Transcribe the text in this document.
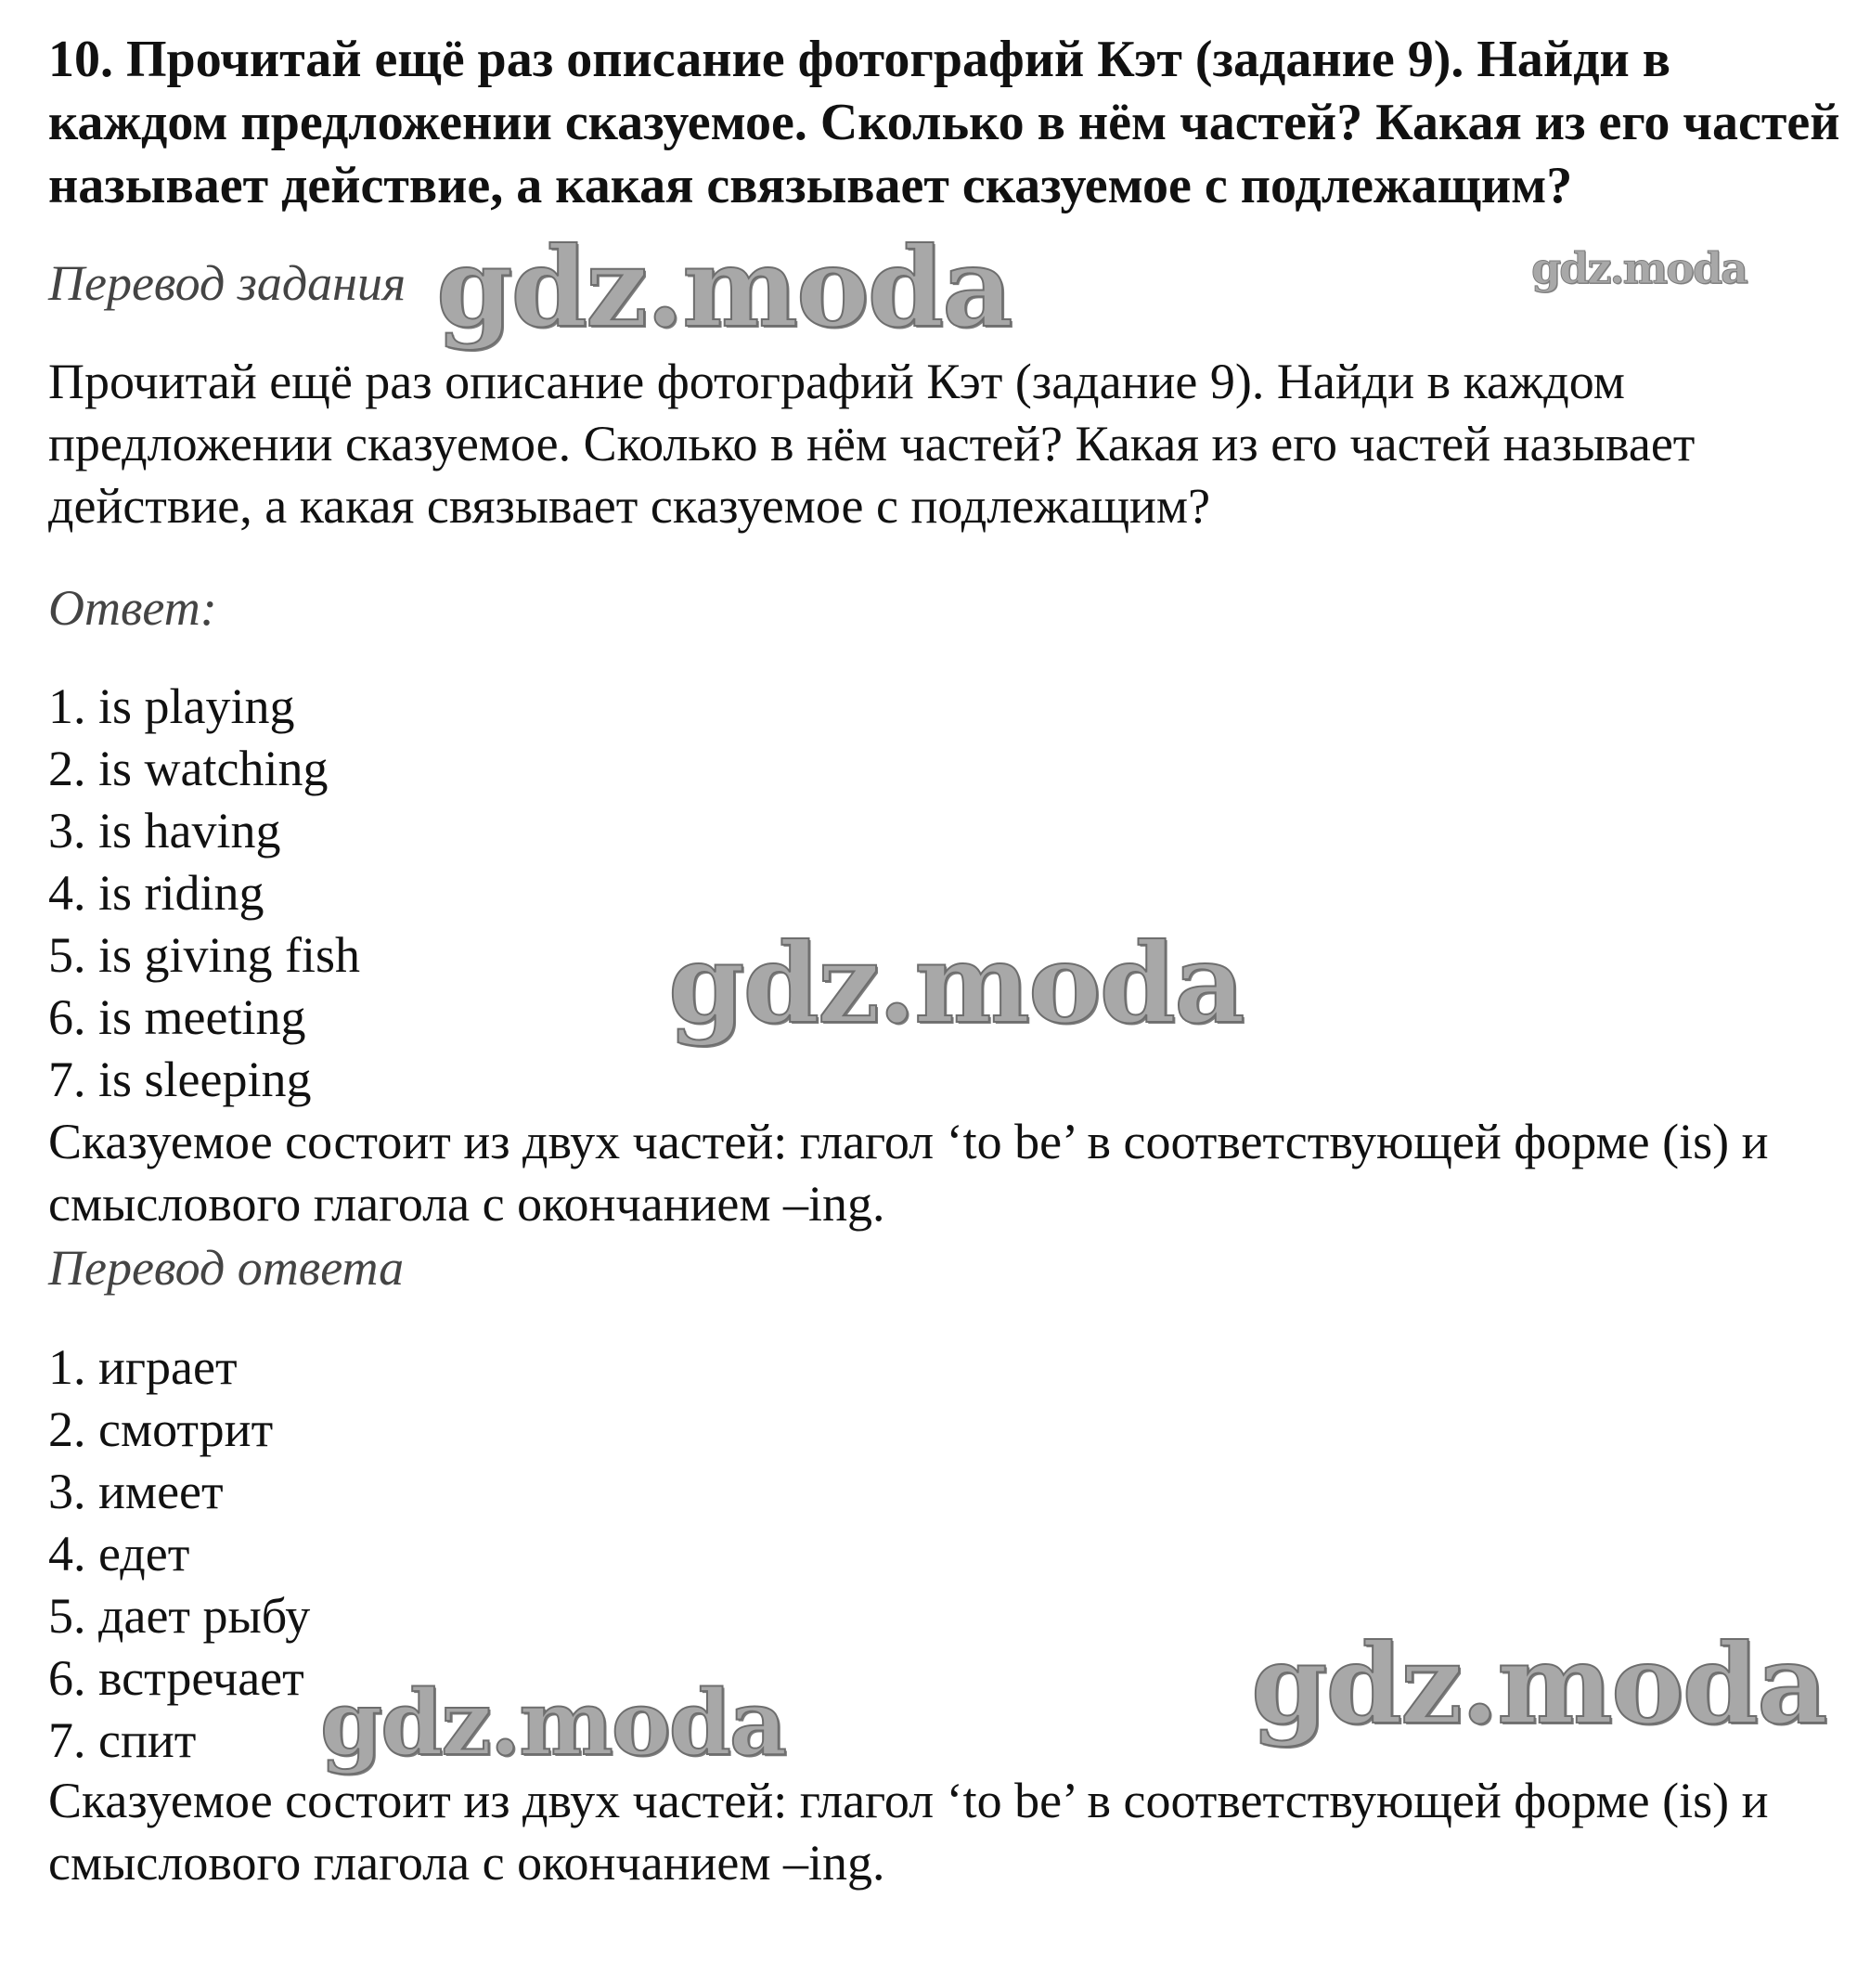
10. Прочитай ещё раз описание фотографий Кэт (задание 9). Найди в каждом предложении сказуемое. Сколько в нём частей? Какая из его частей называет действие, а какая связывает сказуемое с подлежащим?

Перевод задания

Прочитай ещё раз описание фотографий Кэт (задание 9). Найди в каждом предложении сказуемое. Сколько в нём частей? Какая из его частей называет действие, а какая связывает сказуемое с подлежащим?

Ответ:

1. is playing
2. is watching
3. is having
4. is riding
5. is giving fish
6. is meeting
7. is sleeping

Сказуемое состоит из двух частей: глагол ‘to be’ в соответствующей форме (is) и смыслового глагола с окончанием –ing.

Перевод ответа

1. играет
2. смотрит
3. имеет
4. едет
5. дает рыбу
6. встречает
7. спит

Сказуемое состоит из двух частей: глагол ‘to be’ в соответствующей форме (is) и смыслового глагола с окончанием –ing.

gdz.moda	gdz.moda
gdz.moda
gdz.moda
gdz.moda
